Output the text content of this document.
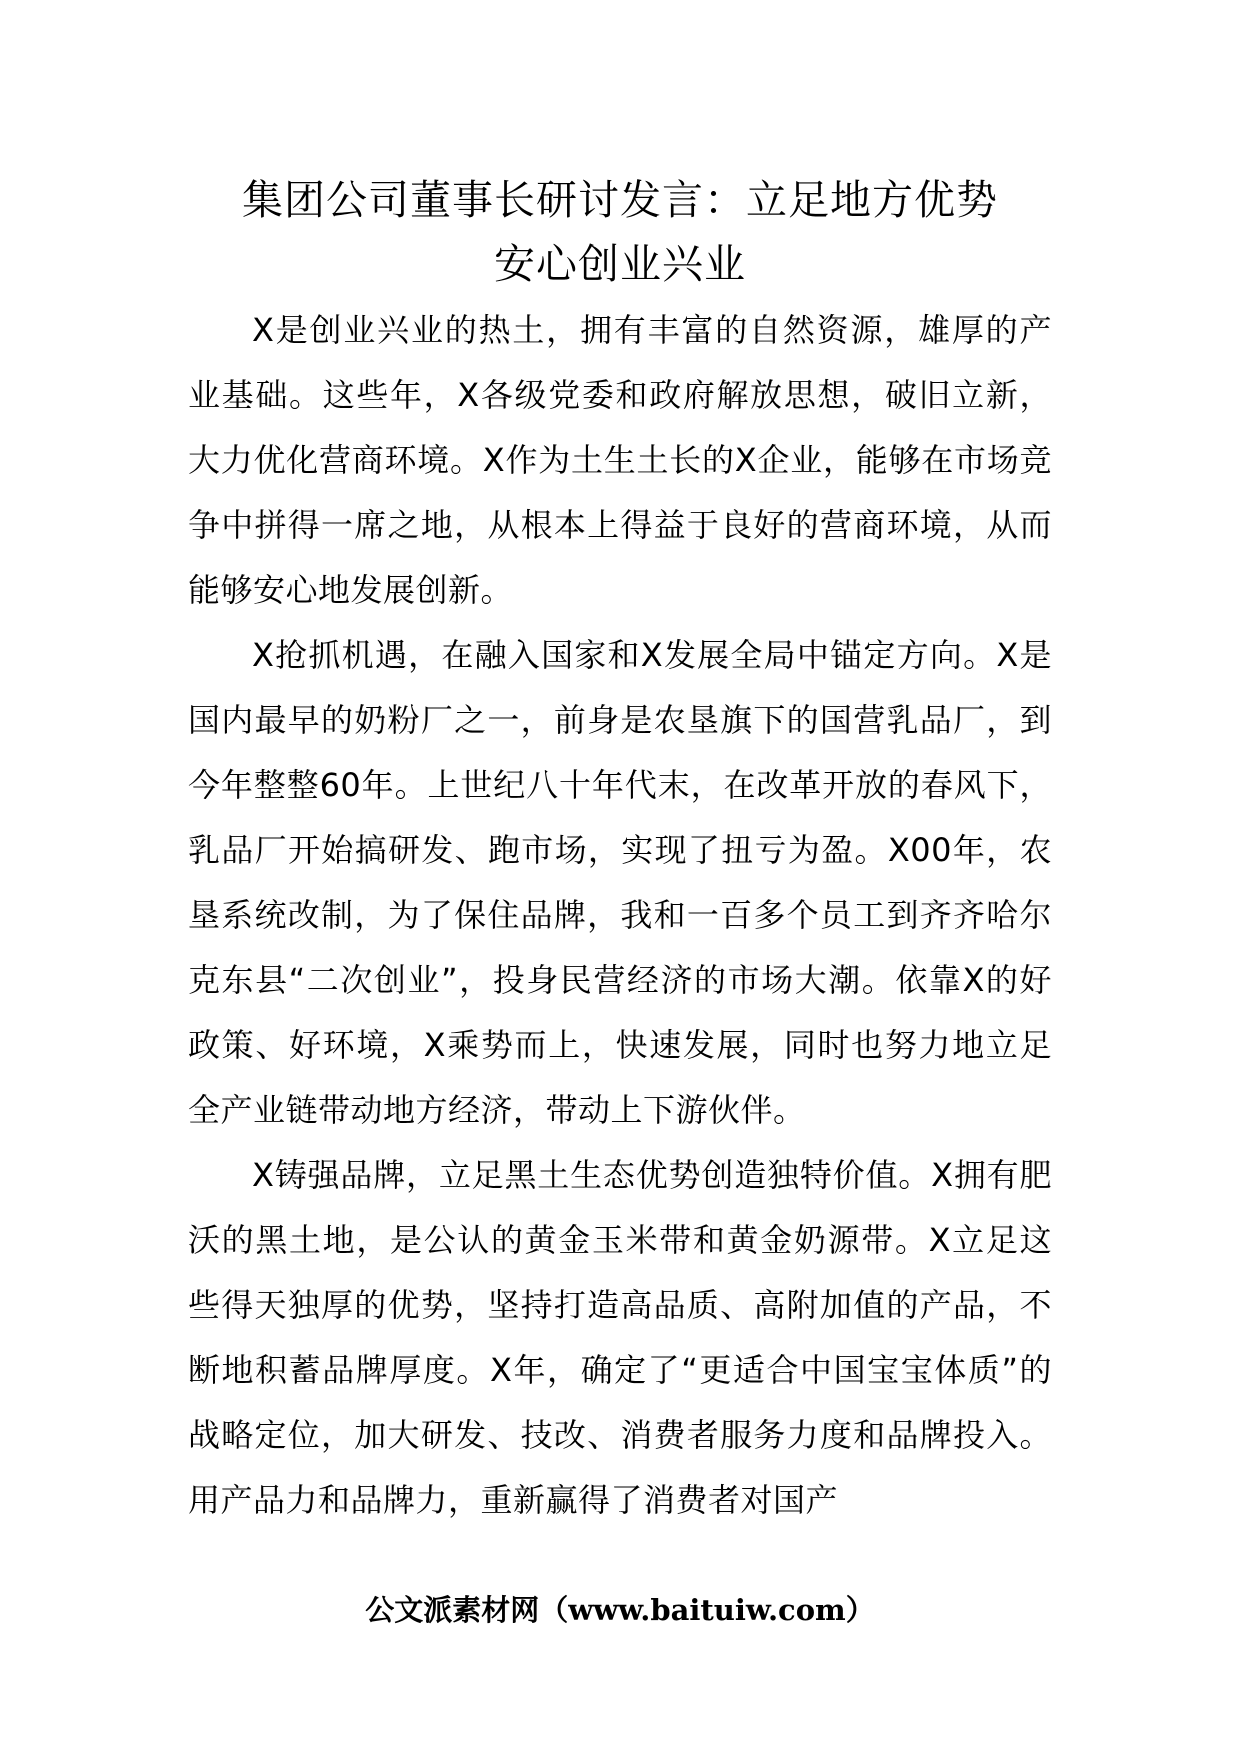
集团公司董事长研讨发言：立足地方优势
安心创业兴业

X是创业兴业的热土，拥有丰富的自然资源，雄厚的产业基础。这些年，X各级党委和政府解放思想，破旧立新，大力优化营商环境。X作为土生土长的X企业，能够在市场竞争中拼得一席之地，从根本上得益于良好的营商环境，从而能够安心地发展创新。

X抢抓机遇，在融入国家和X发展全局中锚定方向。X是国内最早的奶粉厂之一，前身是农垦旗下的国营乳品厂，到今年整整60年。上世纪八十年代末，在改革开放的春风下，乳品厂开始搞研发、跑市场，实现了扭亏为盈。X00年，农垦系统改制，为了保住品牌，我和一百多个员工到齐齐哈尔克东县“二次创业”，投身民营经济的市场大潮。依靠X的好政策、好环境，X乘势而上，快速发展，同时也努力地立足全产业链带动地方经济，带动上下游伙伴。

X铸强品牌，立足黑土生态优势创造独特价值。X拥有肥沃的黑土地，是公认的黄金玉米带和黄金奶源带。X立足这些得天独厚的优势，坚持打造高品质、高附加值的产品，不断地积蓄品牌厚度。X年，确定了“更适合中国宝宝体质”的战略定位，加大研发、技改、消费者服务力度和品牌投入。用产品力和品牌力，重新赢得了消费者对国产

公文派素材网（www.baituiw.com）
